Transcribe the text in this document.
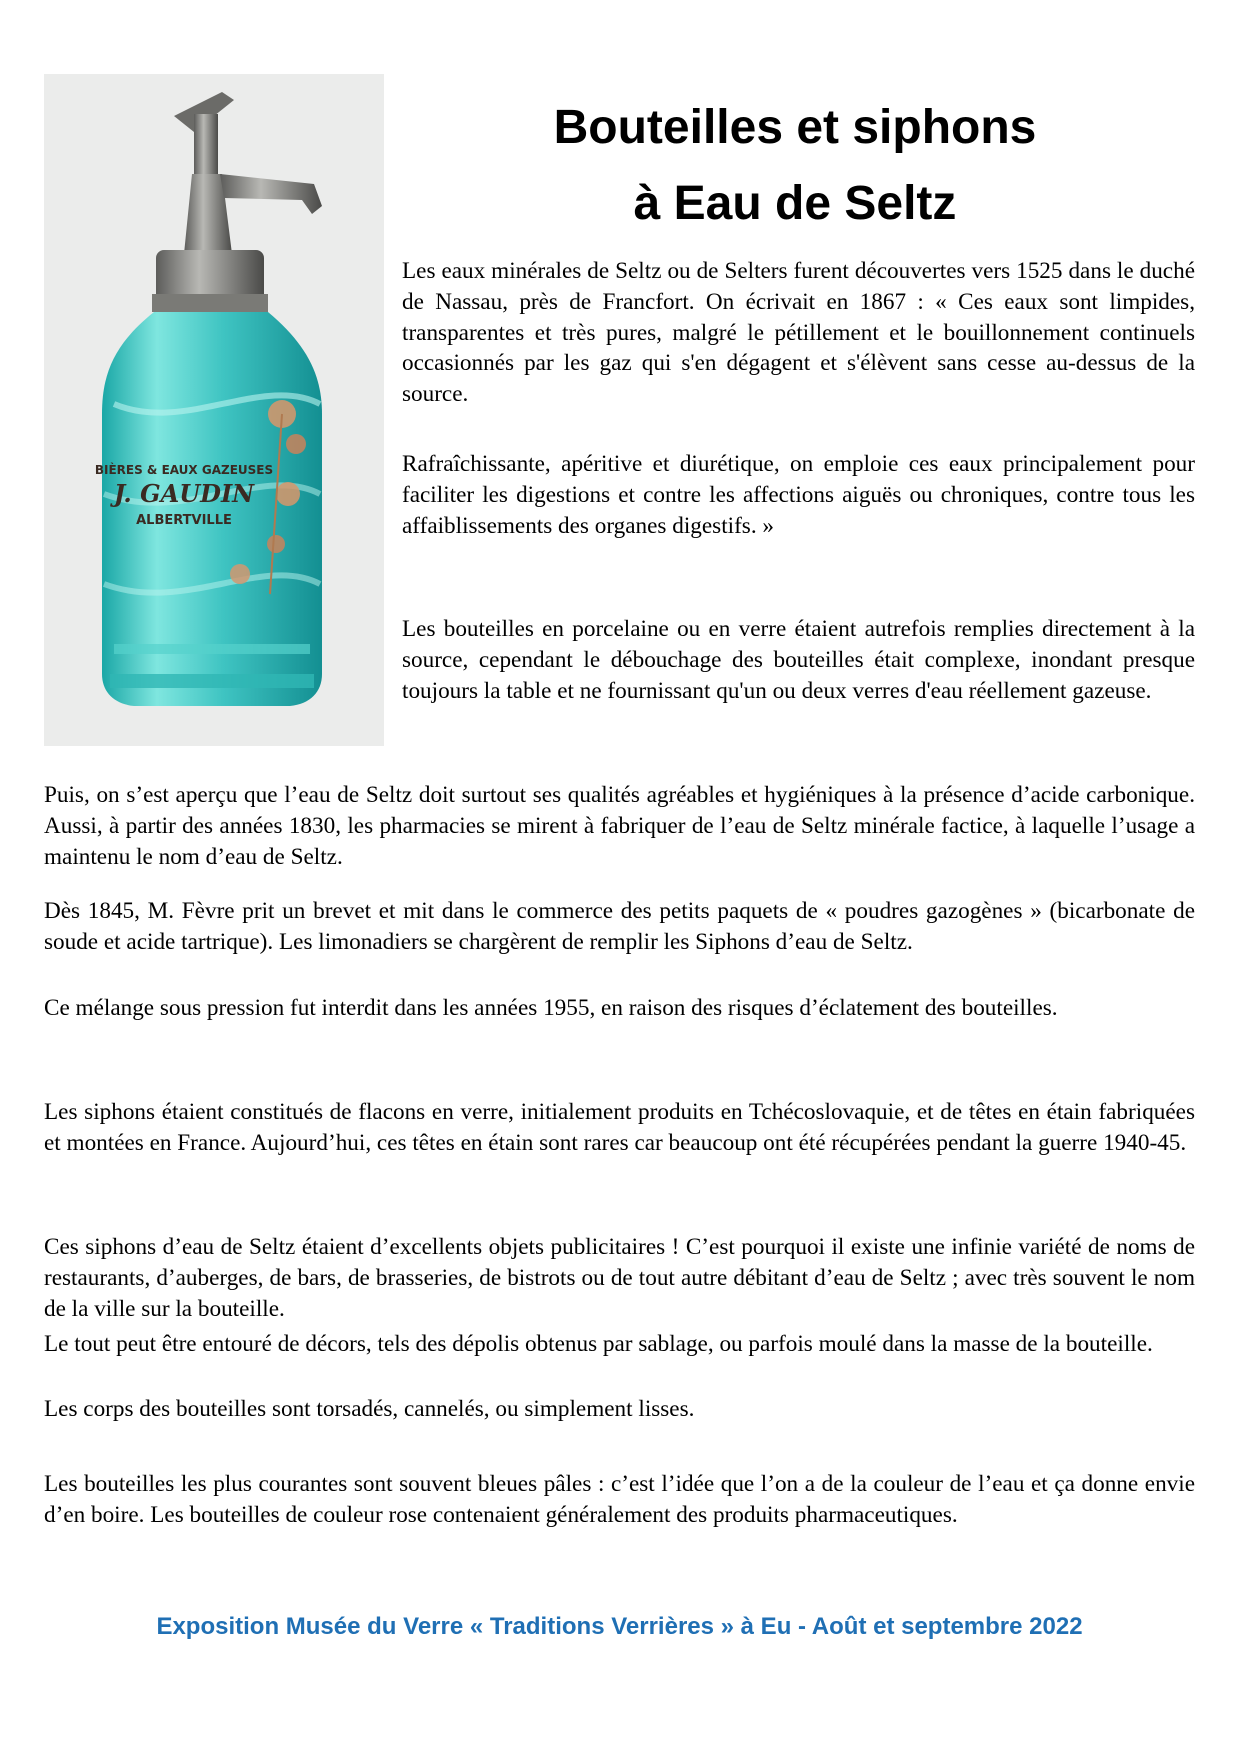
BIÈRES & EAUX GAZEUSES
J. GAUDIN
ALBERTVILLE
Bouteilles et siphons
à Eau de Seltz

Les eaux minérales de Seltz ou de Selters furent découvertes vers 1525 dans le duché de Nassau, près de Francfort. On écrivait en 1867 : « Ces eaux sont limpides, transparentes et très pures, malgré le pétillement et le bouillonnement continuels occasionnés par les gaz qui s'en dégagent et s'élèvent sans cesse au-dessus de la source.

Rafraîchissante, apéritive et diurétique, on emploie ces eaux principalement pour faciliter les digestions et contre les affections aiguës ou chroniques, contre tous les affaiblissements des organes digestifs. »

Les bouteilles en porcelaine ou en verre étaient autrefois remplies directement à la source, cependant le débouchage des bouteilles était complexe, inondant presque toujours la table et ne fournissant qu'un ou deux verres d'eau réellement gazeuse.

Puis, on s’est aperçu que l’eau de Seltz doit surtout ses qualités agréables et hygiéniques à la présence d’acide carbonique. Aussi, à partir des années 1830, les pharmacies se mirent à fabriquer de l’eau de Seltz minérale factice, à laquelle l’usage a maintenu le nom d’eau de Seltz.

Dès 1845, M. Fèvre prit un brevet et mit dans le commerce des petits paquets de « poudres gazogènes » (bicarbonate de soude et acide tartrique). Les limonadiers se chargèrent de remplir les Siphons d’eau de Seltz.

Ce mélange sous pression fut interdit dans les années 1955, en raison des risques d’éclatement des bouteilles.

Les siphons étaient constitués de flacons en verre, initialement produits en Tchécoslovaquie, et de têtes en étain fabriquées et montées en France. Aujourd’hui, ces têtes en étain sont rares car beaucoup ont été récupérées pendant la guerre 1940-45.

Ces siphons d’eau de Seltz étaient d’excellents objets publicitaires ! C’est pourquoi il existe une infinie variété de noms de restaurants, d’auberges, de bars, de brasseries, de bistrots ou de tout autre débitant d’eau de Seltz ; avec très souvent le nom de la ville sur la bouteille.

Le tout peut être entouré de décors, tels des dépolis obtenus par sablage, ou parfois moulé dans la masse de la bouteille.

Les corps des bouteilles sont torsadés, cannelés, ou simplement lisses.

Les bouteilles les plus courantes sont souvent bleues pâles : c’est l’idée que l’on a de la couleur de l’eau et ça donne envie d’en boire. Les bouteilles de couleur rose contenaient généralement des produits pharmaceutiques.

Exposition Musée du Verre « Traditions Verrières » à Eu - Août et septembre 2022
